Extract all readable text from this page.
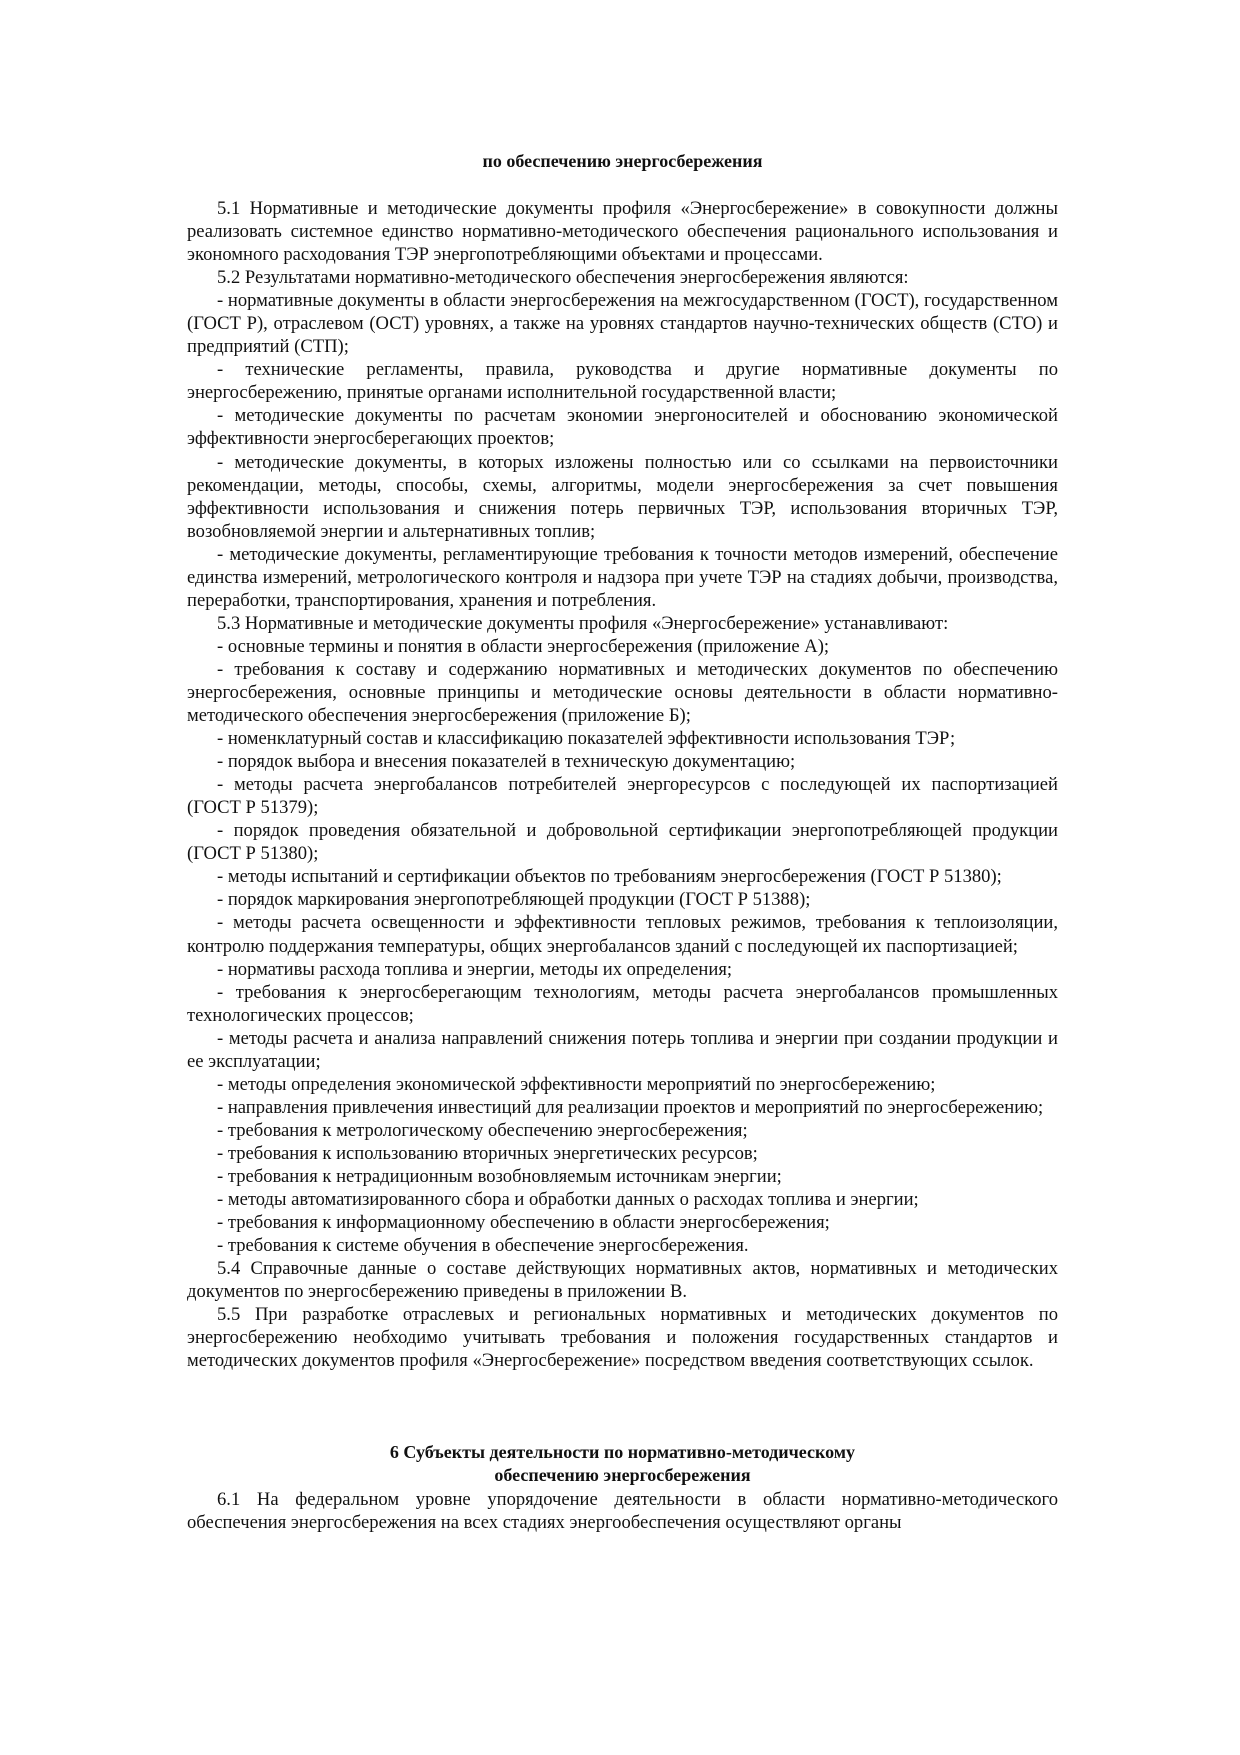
по обеспечению энергосбережения

5.1 Нормативные и методические документы профиля «Энергосбережение» в совокупности должны реализовать системное единство нормативно-методического обеспечения рационального использования и экономного расходования ТЭР энергопотребляющими объектами и процессами.

5.2 Результатами нормативно-методического обеспечения энергосбережения являются:

- нормативные документы в области энергосбережения на межгосударственном (ГОСТ), государственном (ГОСТ Р), отраслевом (ОСТ) уровнях, а также на уровнях стандартов научно-технических обществ (СТО) и предприятий (СТП);

- технические регламенты, правила, руководства и другие нормативные документы по энергосбережению, принятые органами исполнительной государственной власти;

- методические документы по расчетам экономии энергоносителей и обоснованию экономической эффективности энергосберегающих проектов;

- методические документы, в которых изложены полностью или со ссылками на первоисточники рекомендации, методы, способы, схемы, алгоритмы, модели энергосбережения за счет повышения эффективности использования и снижения потерь первичных ТЭР, использования вторичных ТЭР, возобновляемой энергии и альтернативных топлив;

- методические документы, регламентирующие требования к точности методов измерений, обеспечение единства измерений, метрологического контроля и надзора при учете ТЭР на стадиях добычи, производства, переработки, транспортирования, хранения и потребления.

5.3 Нормативные и методические документы профиля «Энергосбережение» устанавливают:

- основные термины и понятия в области энергосбережения (приложение А);

- требования к составу и содержанию нормативных и методических документов по обеспечению энергосбережения, основные принципы и методические основы деятельности в области нормативно-методического обеспечения энергосбережения (приложение Б);

- номенклатурный состав и классификацию показателей эффективности использования ТЭР;

- порядок выбора и внесения показателей в техническую документацию;

- методы расчета энергобалансов потребителей энергоресурсов с последующей их паспортизацией (ГОСТ Р 51379);

- порядок проведения обязательной и добровольной сертификации энергопотребляющей продукции (ГОСТ Р 51380);

- методы испытаний и сертификации объектов по требованиям энергосбережения (ГОСТ Р 51380);

- порядок маркирования энергопотребляющей продукции (ГОСТ Р 51388);

- методы расчета освещенности и эффективности тепловых режимов, требования к теплоизоляции, контролю поддержания температуры, общих энергобалансов зданий с последующей их паспортизацией;

- нормативы расхода топлива и энергии, методы их определения;

- требования к энергосберегающим технологиям, методы расчета энергобалансов промышленных технологических процессов;

- методы расчета и анализа направлений снижения потерь топлива и энергии при создании продукции и ее эксплуатации;

- методы определения экономической эффективности мероприятий по энергосбережению;

- направления привлечения инвестиций для реализации проектов и мероприятий по энергосбережению;

- требования к метрологическому обеспечению энергосбережения;

- требования к использованию вторичных энергетических ресурсов;

- требования к нетрадиционным возобновляемым источникам энергии;

- методы автоматизированного сбора и обработки данных о расходах топлива и энергии;

- требования к информационному обеспечению в области энергосбережения;

- требования к системе обучения в обеспечение энергосбережения.

5.4 Справочные данные о составе действующих нормативных актов, нормативных и методических документов по энергосбережению приведены в приложении В.

5.5 При разработке отраслевых и региональных нормативных и методических документов по энергосбережению необходимо учитывать требования и положения государственных стандартов и методических документов профиля «Энергосбережение» посредством введения соответствующих ссылок.

6 Субъекты деятельности по нормативно-методическому

обеспечению энергосбережения

6.1 На федеральном уровне упорядочение деятельности в области нормативно-методического обеспечения энергосбережения на всех стадиях энергообеспечения осуществляют органы
